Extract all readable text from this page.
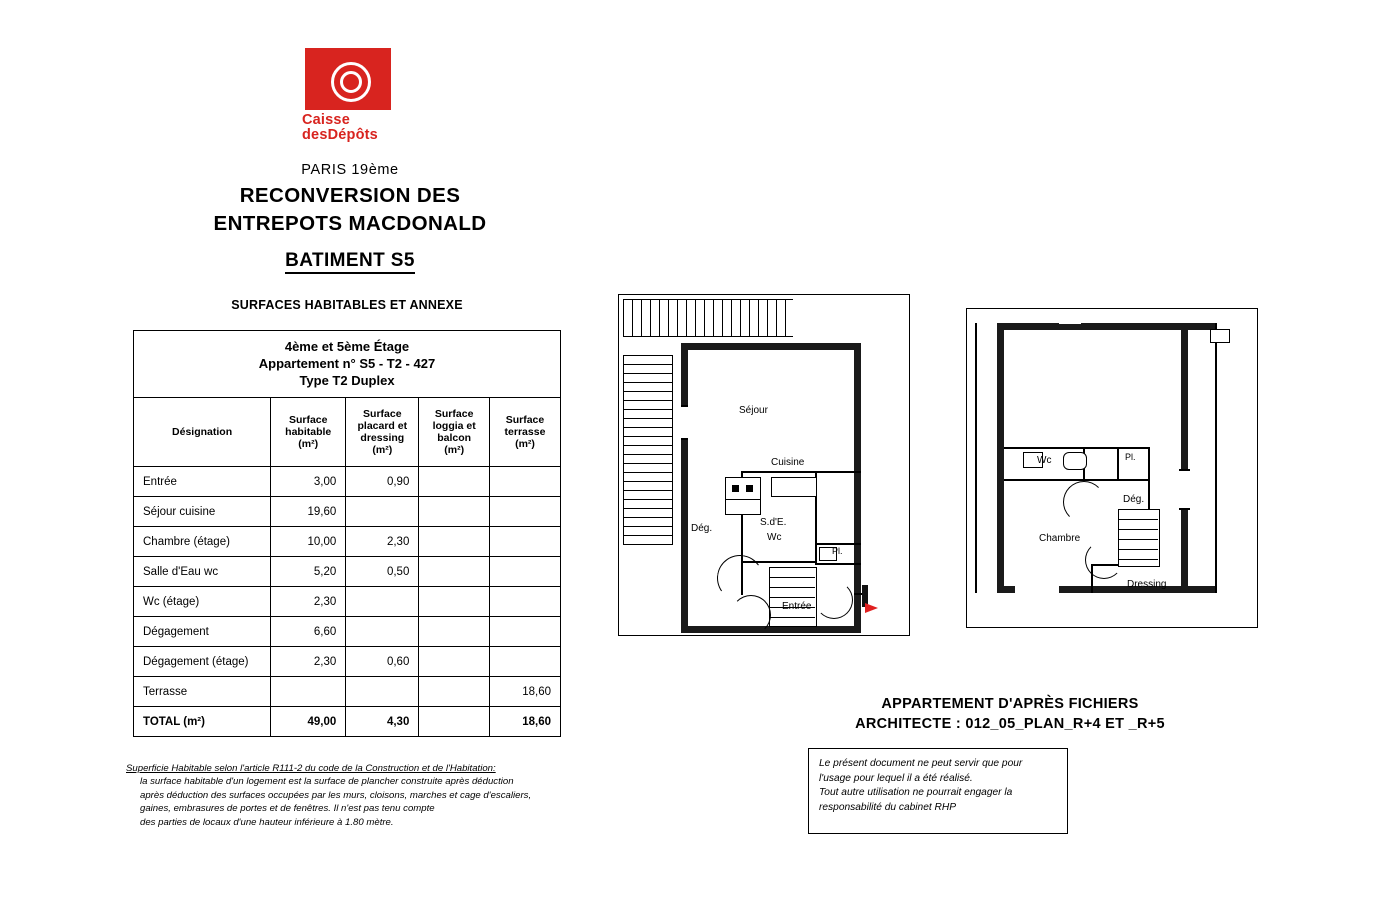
Caisse
desDépôts
PARIS 19ème
RECONVERSION DES
ENTREPOTS MACDONALD
BATIMENT S5
SURFACES HABITABLES ET ANNEXE
4ème et 5ème Étage
Appartement n° S5 - T2 - 427
Type T2 Duplex				

Désignation

Surface
habitable
(m²)

Surface
placard et
dressing
(m²)

Surface
loggia et
balcon
(m²)

Surface
terrasse
(m²)

Entrée	3,00	0,90		
Séjour cuisine	19,60			
Chambre (étage)	10,00	2,30		
Salle d'Eau wc	5,20	0,50		
Wc (étage)	2,30			
Dégagement	6,60			
Dégagement (étage)	2,30	0,60		
Terrasse				18,60
TOTAL (m²)	49,00	4,30		18,60
Superficie Habitable selon l'article R111-2 du code de la Construction et de l'Habitation:
la surface habitable d'un logement est la surface de plancher construite après déduction
après déduction des surfaces occupées par les murs, cloisons, marches et cage d'escaliers,
gaines, embrasures de portes et de fenêtres. Il n'est pas tenu compte
des parties de locaux d'une hauteur inférieure à 1.80 mètre.
Séjour
Cuisine
Dég.
S.d'E.
Wc
Pl.
Entrée
Wc	Pl.
Dég.
Chambre
Dressing
APPARTEMENT D'APRÈS FICHIERS
ARCHITECTE : 012_05_PLAN_R+4 ET _R+5
Le présent document ne peut servir que pour
l'usage pour lequel il a été réalisé.
Tout autre utilisation ne pourrait engager la
responsabilité du cabinet RHP
